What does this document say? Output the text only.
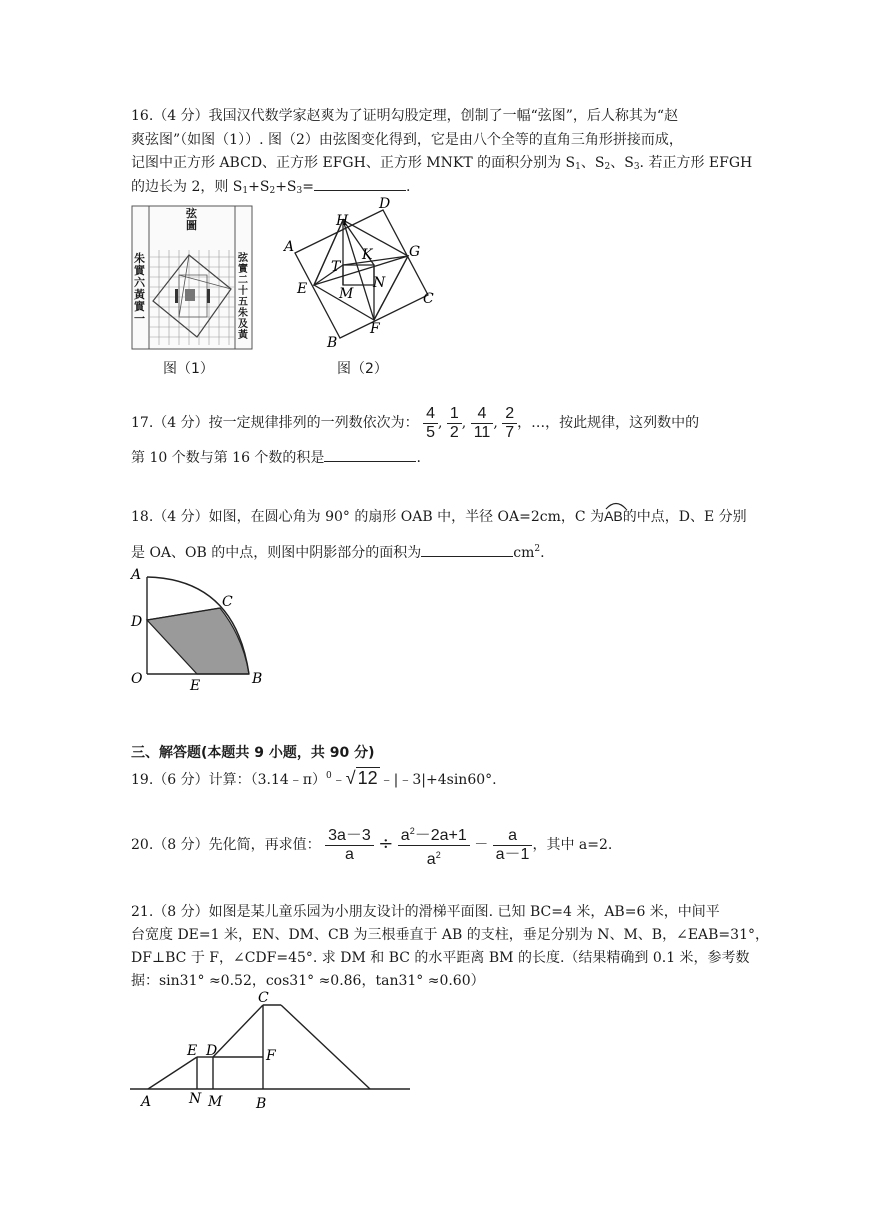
16.（4 分）我国汉代数学家赵爽为了证明勾股定理，创制了一幅“弦图”，后人称其为“赵
爽弦图”（如图（1））. 图（2）由弦图变化得到，它是由八个全等的直角三角形拼接而成，
记图中正方形 ABCD、正方形 EFGH、正方形 MNKT 的面积分别为 $S_1$、$S_2$、$S_3$. 若正方形 EFGH
的边长为 2，则 $S_1+S_2+S_3=$	.
弦圖
朱實六黃實一
弦實二十五朱及黃
图（1）
A
B
C
D
E
F
G
H
K
M
N
T
图（2）
17.（4 分）按一定规律排列的一列数依次为： $\frac{4}{5}$ , $\frac{1}{2}$ , $\frac{4}{11}$ , $\frac{2}{7}$ ，…，按此规律，这列数中的
第 10 个数与第 16 个数的积是	.
18.（4 分）如图，在圆心角为 90° 的扇形 OAB 中，半径 OA=2cm，C 为
AB的中点，D、E 分别
是 OA、OB 的中点，则图中阴影部分的面积为	$cm^2$.
A
C
D
O	E	B
三、解答题(本题共 9 小题，共 90 分)
19.（6 分）计算：（3.14﹣π）$^0$﹣√ 12 ﹣|﹣3|+4sin60°.
20.（8 分）先化简，再求值： $\frac{3a-3}{a} \div \frac{a^2-2a+1}{a^2} - \frac{a}{a-1}$ ，其中 a=2.
21.（8 分）如图是某儿童乐园为小朋友设计的滑梯平面图. 已知 BC=4 米，AB=6 米，中间平
台宽度 DE=1 米，EN、DM、CB 为三根垂直于 AB 的支柱，垂足分别为 N、M、B，∠EAB=31°，
DF⊥BC 于 F，∠CDF=45°. 求 DM 和 BC 的水平距离 BM 的长度.（结果精确到 0.1 米，参考数
据：sin31° ≈0.52，cos31° ≈0.86，tan31° ≈0.60）
C
E D	F
A	N M B
